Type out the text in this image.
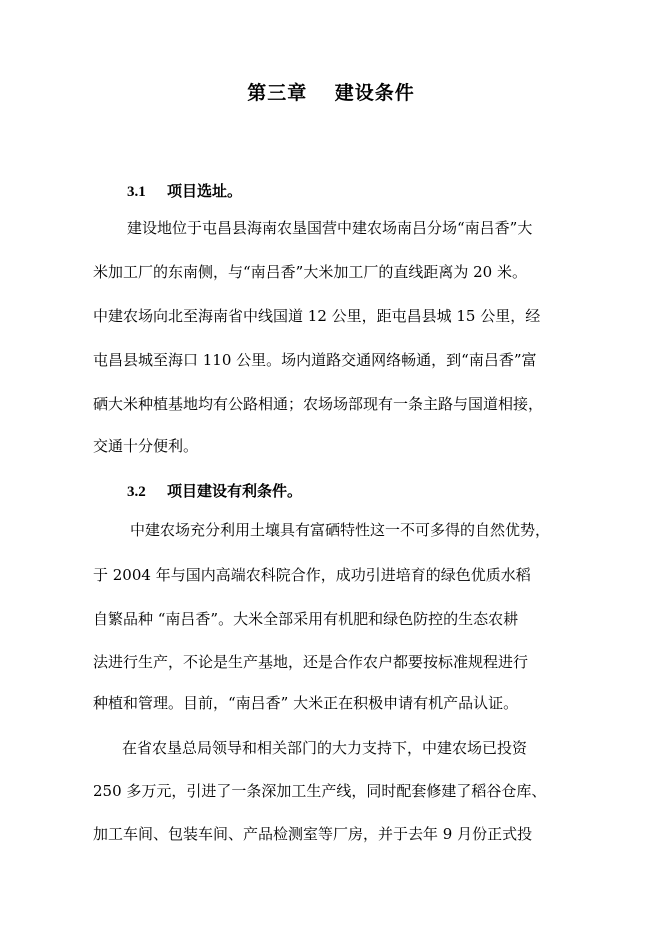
第三章　 建设条件
3.1 项目选址。
建设地位于屯昌县海南农垦国营中建农场南吕分场“南吕香”大
米加工厂的东南侧，与“南吕香”大米加工厂的直线距离为 20 米。
中建农场向北至海南省中线国道 12 公里，距屯昌县城 15 公里，经
屯昌县城至海口 110 公里。场内道路交通网络畅通，到“南吕香”富
硒大米种植基地均有公路相通；农场场部现有一条主路与国道相接，
交通十分便利。
3.2 项目建设有利条件。
中建农场充分利用土壤具有富硒特性这一不可多得的自然优势，
于 2004 年与国内高端农科院合作，成功引进培育的绿色优质水稻
自繁品种 “南吕香”。大米全部采用有机肥和绿色防控的生态农耕
法进行生产，不论是生产基地，还是合作农户都要按标准规程进行
种植和管理。目前，“南吕香” 大米正在积极申请有机产品认证。
在省农垦总局领导和相关部门的大力支持下，中建农场已投资
250 多万元，引进了一条深加工生产线，同时配套修建了稻谷仓库、
加工车间、包装车间、产品检测室等厂房，并于去年 9 月份正式投
